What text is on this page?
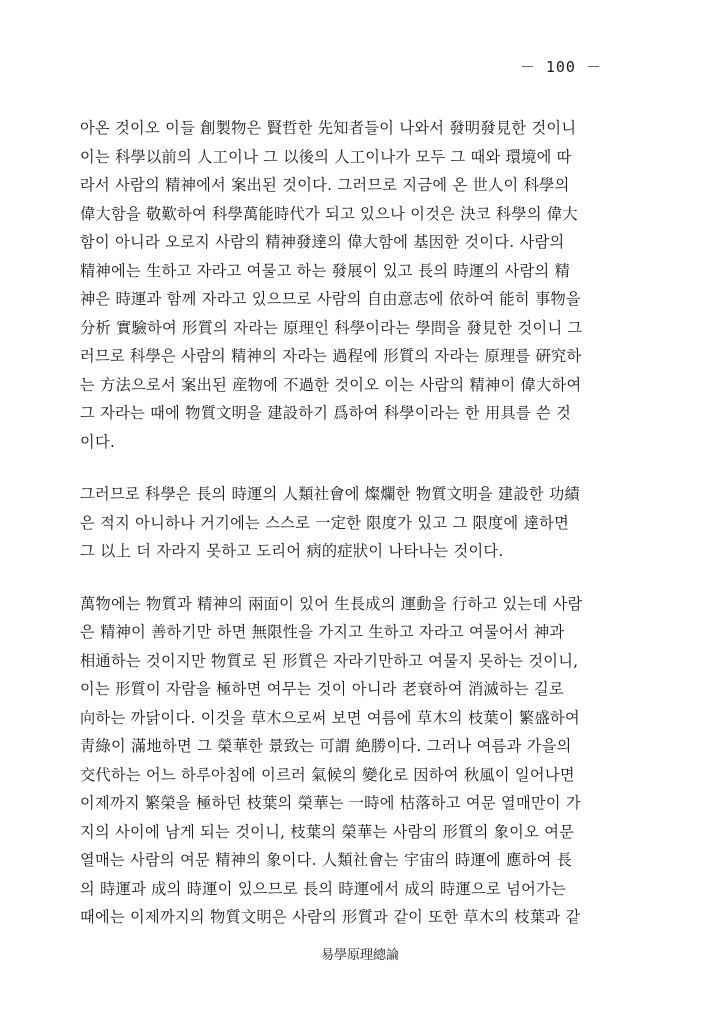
－ 100 －
아온 것이오 이들 創製物은 賢哲한 先知者들이 나와서 發明發見한 것이니
이는 科學以前의 人工이나 그 以後의 人工이나가 모두 그 때와 環境에 따
라서 사람의 精神에서 案出된 것이다. 그러므로 지금에 온 世人이 科學의
偉大함을 敬歎하여 科學萬能時代가 되고 있으나 이것은 決코 科學의 偉大
함이 아니라 오로지 사람의 精神發達의 偉大함에 基因한 것이다. 사람의
精神에는 生하고 자라고 여물고 하는 發展이 있고 長의 時運의 사람의 精
神은 時運과 함께 자라고 있으므로 사람의 自由意志에 依하여 能히 事物을
分析 實驗하여 形質의 자라는 原理인 科學이라는 學問을 發見한 것이니 그
러므로 科學은 사람의 精神의 자라는 過程에 形質의 자라는 原理를 硏究하
는 方法으로서 案出된 産物에 不過한 것이오 이는 사람의 精神이 偉大하여
그 자라는 때에 物質文明을 建設하기 爲하여 科學이라는 한 用具를 쓴 것
이다.
그러므로 科學은 長의 時運의 人類社會에 燦爛한 物質文明을 建設한 功績
은 적지 아니하나 거기에는 스스로 一定한 限度가 있고 그 限度에 達하면
그 以上 더 자라지 못하고 도리어 病的症狀이 나타나는 것이다.
萬物에는 物質과 精神의 兩面이 있어 生長成의 運動을 行하고 있는데 사람
은 精神이 善하기만 하면 無限性을 가지고 生하고 자라고 여물어서 神과
相通하는 것이지만 物質로 된 形質은 자라기만하고 여물지 못하는 것이니,
이는 形質이 자람을 極하면 여무는 것이 아니라 老衰하여 消滅하는 길로
向하는 까닭이다. 이것을 草木으로써 보면 여름에 草木의 枝葉이 繁盛하여
靑綠이 滿地하면 그 榮華한 景致는 可謂 絶勝이다. 그러나 여름과 가을의
交代하는 어느 하루아침에 이르러 氣候의 變化로 因하여 秋風이 일어나면
이제까지 繁榮을 極하던 枝葉의 榮華는 一時에 枯落하고 여문 열매만이 가
지의 사이에 남게 되는 것이니, 枝葉의 榮華는 사람의 形質의 象이오 여문
열매는 사람의 여문 精神의 象이다. 人類社會는 宇宙의 時運에 應하여 長
의 時運과 成의 時運이 있으므로 長의 時運에서 成의 時運으로 넘어가는
때에는 이제까지의 物質文明은 사람의 形質과 같이 또한 草木의 枝葉과 같
易學原理總論
